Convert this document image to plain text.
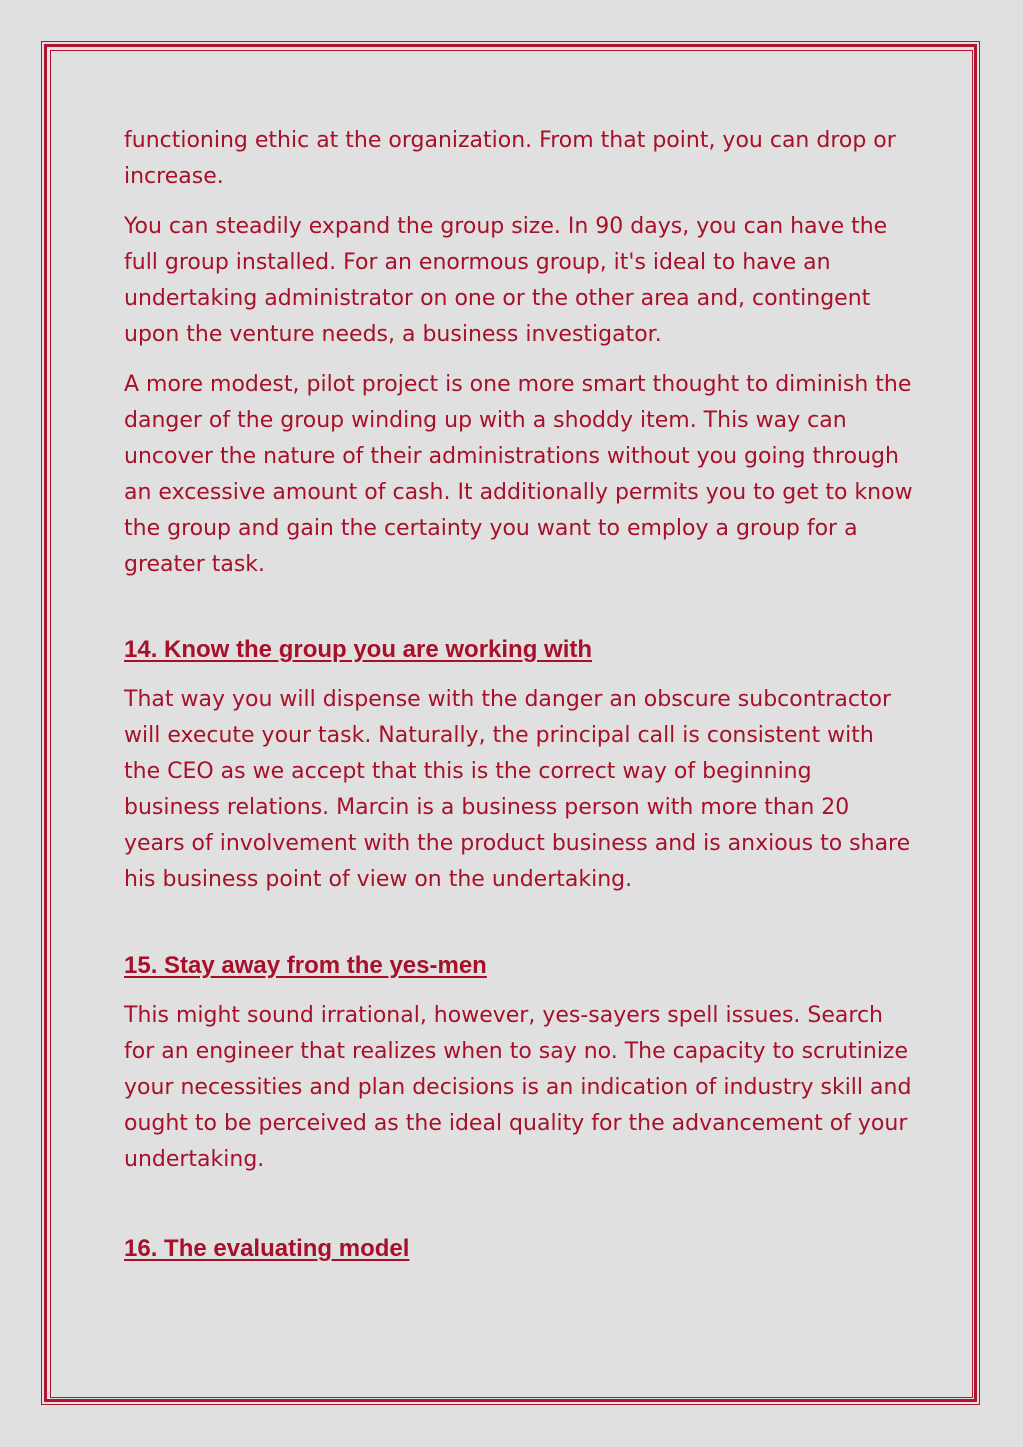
functioning ethic at the organization. From that point, you can drop or increase.

You can steadily expand the group size. In 90 days, you can have the full group installed. For an enormous group, it's ideal to have an undertaking administrator on one or the other area and, contingent upon the venture needs, a business investigator.

A more modest, pilot project is one more smart thought to diminish the danger of the group winding up with a shoddy item. This way can uncover the nature of their administrations without you going through an excessive amount of cash. It additionally permits you to get to know the group and gain the certainty you want to employ a group for a greater task.

14. Know the group you are working with

That way you will dispense with the danger an obscure subcontractor will execute your task. Naturally, the principal call is consistent with the CEO as we accept that this is the correct way of beginning business relations. Marcin is a business person with more than 20 years of involvement with the product business and is anxious to share his business point of view on the undertaking.

15. Stay away from the yes-men

This might sound irrational, however, yes-sayers spell issues. Search for an engineer that realizes when to say no. The capacity to scrutinize your necessities and plan decisions is an indication of industry skill and ought to be perceived as the ideal quality for the advancement of your undertaking.

16. The evaluating model
